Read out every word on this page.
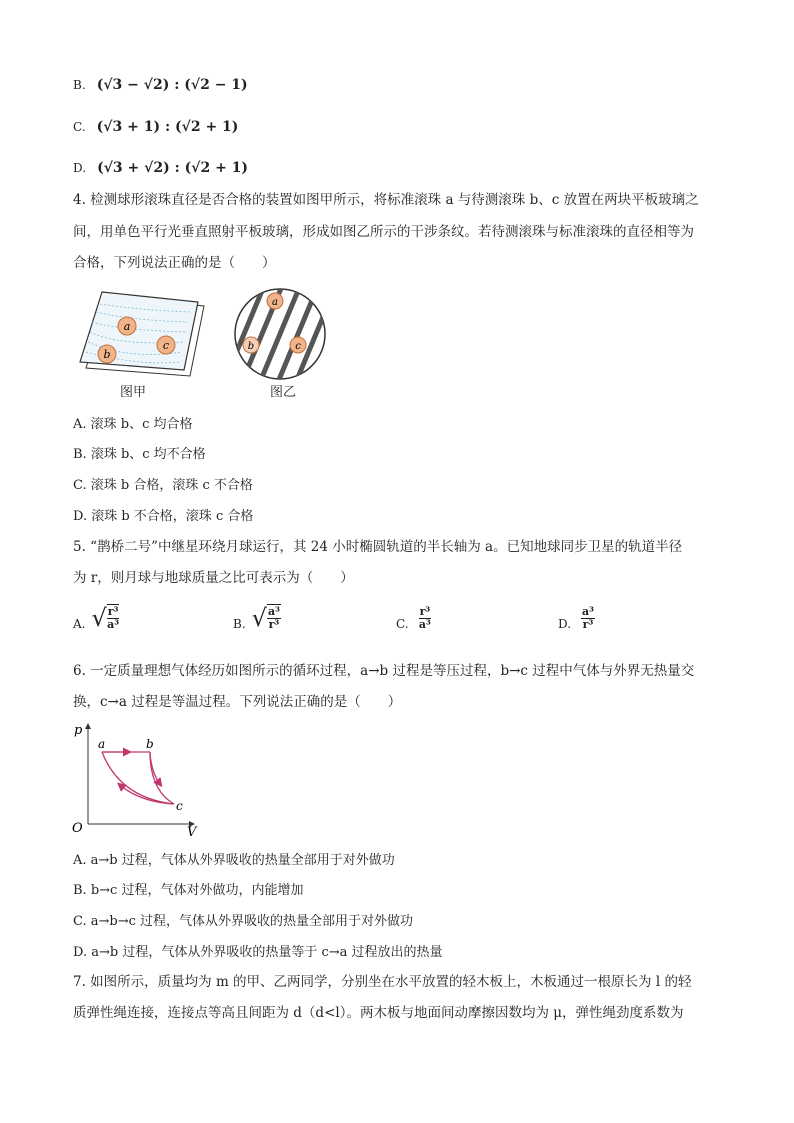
B. (√3 − √2) : (√2 − 1)
C. (√3 + 1) : (√2 + 1)
D. (√3 + √2) : (√2 + 1)
4. 检测球形滚珠直径是否合格的装置如图甲所示，将标准滚珠 a 与待测滚珠 b、c 放置在两块平板玻璃之
间，用单色平行光垂直照射平板玻璃，形成如图乙所示的干涉条纹。若待测滚珠与标准滚珠的直径相等为
合格，下列说法正确的是（　　）
a
b
c
图甲
a
b	c
图乙
A. 滚珠 b、c 均合格
B. 滚珠 b、c 均不合格
C. 滚珠 b 合格，滚珠 c 不合格
D. 滚珠 b 不合格，滚珠 c 合格
5. “鹊桥二号”中继星环绕月球运行，其 24 小时椭圆轨道的半长轴为 a。已知地球同步卫星的轨道半径
为 r，则月球与地球质量之比可表示为（　　）
A. √ $\frac{\text{r³}}{\text{a³}}$	B. √ $\frac{\text{a³}}{\text{r³}}$	C. $\frac{\text{r³}}{\text{a³}}$	D. $\frac{\text{a³}}{\text{r³}}$
6. 一定质量理想气体经历如图所示的循环过程，a→b 过程是等压过程，b→c 过程中气体与外界无热量交
换，c→a 过程是等温过程。下列说法正确的是（　　）
p
V
O
a	b
c
A. a→b 过程，气体从外界吸收的热量全部用于对外做功
B. b→c 过程，气体对外做功，内能增加
C. a→b→c 过程，气体从外界吸收的热量全部用于对外做功
D. a→b 过程，气体从外界吸收的热量等于 c→a 过程放出的热量
7. 如图所示，质量均为 m 的甲、乙两同学，分别坐在水平放置的轻木板上，木板通过一根原长为 l 的轻
质弹性绳连接，连接点等高且间距为 d（d<l）。两木板与地面间动摩擦因数均为 μ，弹性绳劲度系数为
